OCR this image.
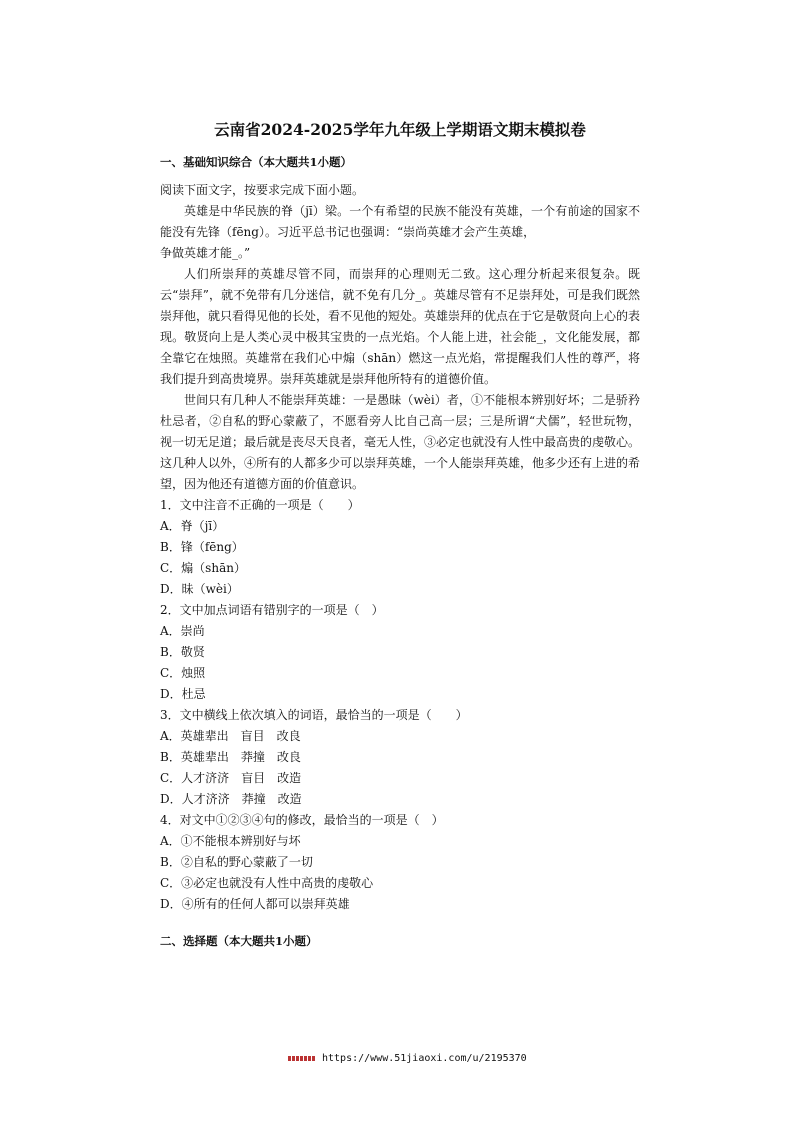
云南省2024-2025学年九年级上学期语文期末模拟卷
一、基础知识综合（本大题共1小题）

阅读下面文字，按要求完成下面小题。

英雄是中华民族的脊（jī）梁。一个有希望的民族不能没有英雄，一个有前途的国家不能没有先锋（fēng）。习近平总书记也强调：“崇尚英雄才会产生英雄，

争做英雄才能_。”

人们所崇拜的英雄尽管不同，而崇拜的心理则无二致。这心理分析起来很复杂。既云“崇拜”，就不免带有几分迷信，就不免有几分_。英雄尽管有不足崇拜处，可是我们既然崇拜他，就只看得见他的长处，看不见他的短处。英雄崇拜的优点在于它是敬贤向上心的表现。敬贤向上是人类心灵中极其宝贵的一点光焰。个人能上进，社会能_，文化能发展，都全靠它在烛照。英雄常在我们心中煽（shān）燃这一点光焰，常提醒我们人性的尊严，将我们提升到高贵境界。崇拜英雄就是崇拜他所特有的道德价值。

世间只有几种人不能崇拜英雄：一是愚昧（wèi）者，①不能根本辨别好坏；二是骄矜杜忌者，②自私的野心蒙蔽了，不愿看旁人比自己高一层；三是所谓“犬儒”，轻世玩物，视一切无足道；最后就是丧尽天良者，毫无人性，③必定也就没有人性中最高贵的虔敬心。这几种人以外，④所有的人都多少可以崇拜英雄，一个人能崇拜英雄，他多少还有上进的希望，因为他还有道德方面的价值意识。

1．文中注音不正确的一项是（　　）

A．脊（jī）

B．锋（fēng）

C．煽（shān）

D．昧（wèi）

2．文中加点词语有错别字的一项是（　）

A．崇尚

B．敬贤

C．烛照

D．杜忌

3．文中横线上依次填入的词语，最恰当的一项是（　　）

A．英雄辈出　盲目　改良

B．英雄辈出　莽撞　改良

C．人才济济　盲目　改造

D．人才济济　莽撞　改造

4．对文中①②③④句的修改，最恰当的一项是（　）

A．①不能根本辨别好与坏

B．②自私的野心蒙蔽了一切

C．③必定也就没有人性中高贵的虔敬心

D．④所有的任何人都可以崇拜英雄

二、选择题（本大题共1小题）
https://www.51jiaoxi.com/u/2195370
